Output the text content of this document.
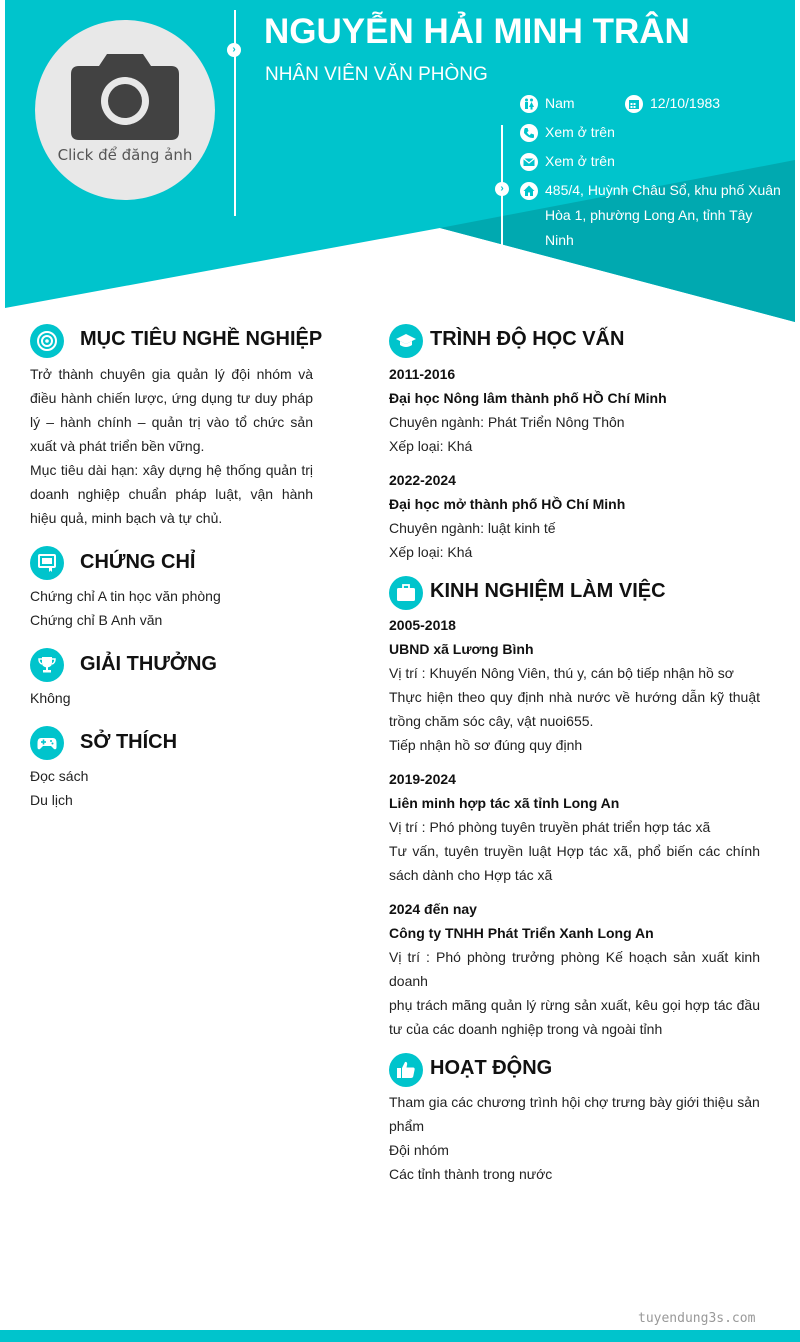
Click để đăng ảnh
› NGUYỄN HẢI MINH TRÂN
NHÂN VIÊN VĂN PHÒNG
›
Nam	12/10/1983
Xem ở trên
Xem ở trên
485/4, Huỳnh Châu Sổ, khu phố Xuân Hòa 1, phường Long An, tỉnh Tây Ninh
MỤC TIÊU NGHỀ NGHIỆP
Trở thành chuyên gia quản lý đội nhóm và điều hành chiến lược, ứng dụng tư duy pháp lý – hành chính – quản trị vào tổ chức sản xuất và phát triển bền vững.
Mục tiêu dài hạn: xây dựng hệ thống quản trị doanh nghiệp chuẩn pháp luật, vận hành hiệu quả, minh bạch và tự chủ.
CHỨNG CHỈ
Chứng chỉ A tin học văn phòng
Chứng chỉ B Anh văn
GIẢI THƯỞNG
Không
SỞ THÍCH
Đọc sách
Du lịch
TRÌNH ĐỘ HỌC VẤN
2011-2016
Đại học Nông lâm thành phố HỒ Chí Minh
Chuyên ngành: Phát Triển Nông Thôn
Xếp loại: Khá
2022-2024
Đại học mở thành phố HỒ Chí Minh
Chuyên ngành: luật kinh tế
Xếp loại: Khá
KINH NGHIỆM LÀM VIỆC
2005-2018
UBND xã Lương Bình
Vị trí : Khuyến Nông Viên, thú y, cán bộ tiếp nhận hồ sơ
Thực hiện theo quy định nhà nước về hướng dẫn kỹ thuật trồng chăm sóc cây, vật nuoi655.
Tiếp nhận hồ sơ đúng quy định
2019-2024
Liên minh hợp tác xã tỉnh Long An
Vị trí : Phó phòng tuyên truyền phát triển hợp tác xã
Tư vấn, tuyên truyền luật Hợp tác xã, phổ biến các chính sách dành cho Hợp tác xã
2024 đến nay
Công ty TNHH Phát Triển Xanh Long An
Vị trí : Phó phòng trưởng phòng Kế hoạch sản xuất kinh doanh
phụ trách mãng quản lý rừng sản xuất, kêu gọi hợp tác đầu tư của các doanh nghiệp trong và ngoài tỉnh
HOẠT ĐỘNG
Tham gia các chương trình hội chợ trưng bày giới thiệu sản phẩm
Đội nhóm
Các tỉnh thành trong nước
tuyendung3s.com
